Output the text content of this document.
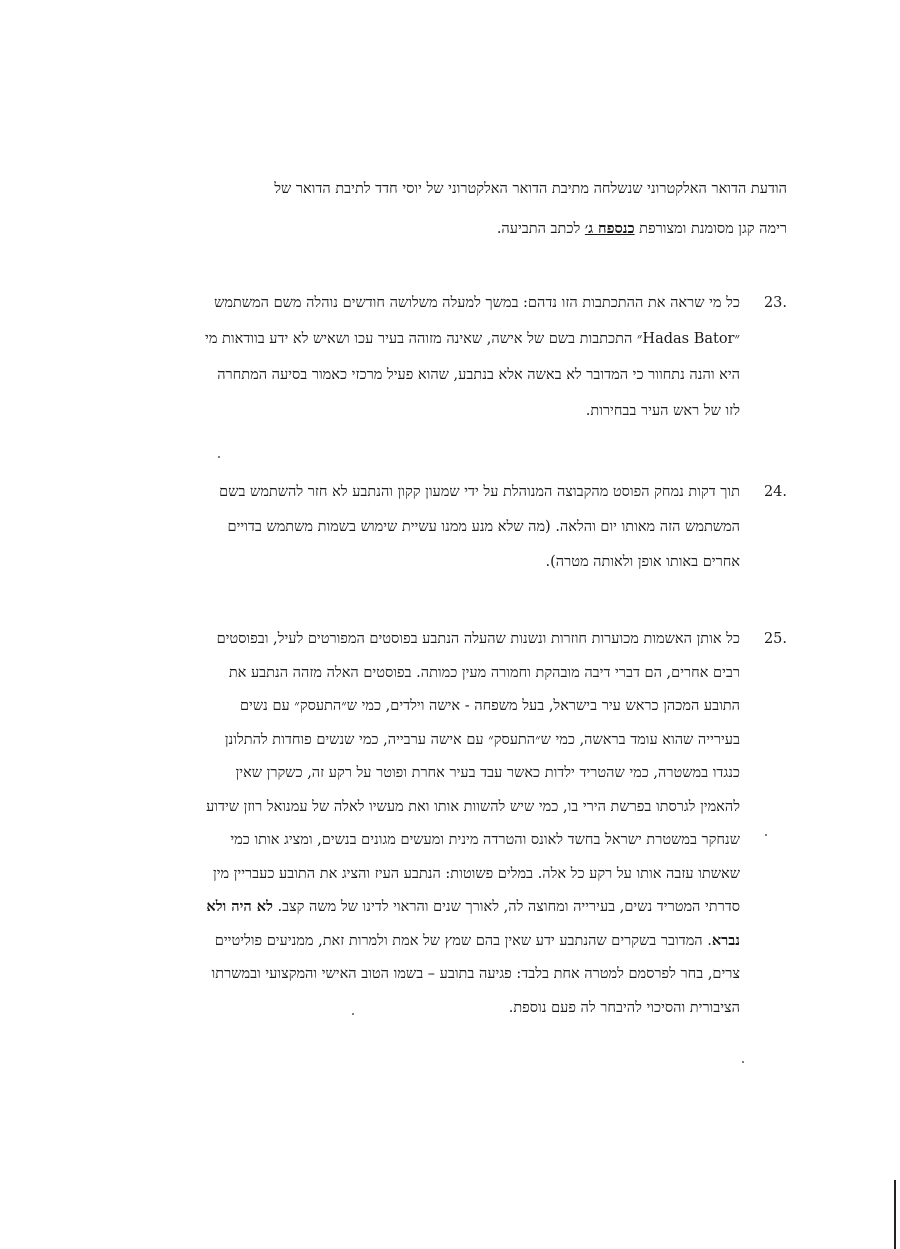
הודעת הדואר האלקטרוני שנשלחה מתיבת הדואר האלקטרוני של יוסי חדד לתיבת הדואר של
רימה קגן מסומנת ומצורפת כנספח ג׳ לכתב התביעה.
23.
כל מי שראה את ההתכתבות הזו נדהם: במשך למעלה משלושה חודשים נוהלה משם המשתמש
״Hadas Bator״ התכתבות בשם של אישה, שאינה מזוהה בעיר עכו ושאיש לא ידע בוודאות מי
היא והנה נתחוור כי המדובר לא באשה אלא בנתבע, שהוא פעיל מרכזי כאמור בסיעה המתחרה
לזו של ראש העיר בבחירות.
24.
תוך דקות נמחק הפוסט מהקבוצה המנוהלת על ידי שמעון קקון והנתבע לא חזר להשתמש בשם
המשתמש הזה מאותו יום והלאה. (מה שלא מנע ממנו עשיית שימוש בשמות משתמש בדויים
אחרים באותו אופן ולאותה מטרה).
25.
כל אותן האשמות מכוערות חוזרות ונשנות שהעלה הנתבע בפוסטים המפורטים לעיל, ובפוסטים
רבים אחרים, הם דברי דיבה מובהקת וחמורה מעין כמותה. בפוסטים האלה מזהה הנתבע את
התובע המכהן כראש עיר בישראל, בעל משפחה - אישה וילדים, כמי ש״התעסק״ עם נשים
בעירייה שהוא עומד בראשה, כמי ש״התעסק״ עם אישה ערבייה, כמי שנשים פוחדות להתלונן
כנגדו במשטרה, כמי שהטריד ילדות כאשר עבד בעיר אחרת ופוטר על רקע זה, כשקרן שאין
להאמין לגרסתו בפרשת הירי בו, כמי שיש להשוות אותו ואת מעשיו לאלה של עמנואל רוזן שידוע
שנחקר במשטרת ישראל בחשד לאונס והטרדה מינית ומעשים מגונים בנשים, ומציג אותו כמי
שאשתו עזבה אותו על רקע כל אלה. במלים פשוטות: הנתבע העיז והציג את התובע כעבריין מין
סדרתי המטריד נשים, בעירייה ומחוצה לה, לאורך שנים והראוי לדינו של משה קצב. לא היה ולא
נברא. המדובר בשקרים שהנתבע ידע שאין בהם שמץ של אמת ולמרות זאת, ממניעים פוליטיים
צרים, בחר לפרסמם למטרה אחת בלבד: פגיעה בתובע – בשמו הטוב האישי והמקצועי ובמשרתו
הציבורית והסיכוי להיבחר לה פעם נוספת.
